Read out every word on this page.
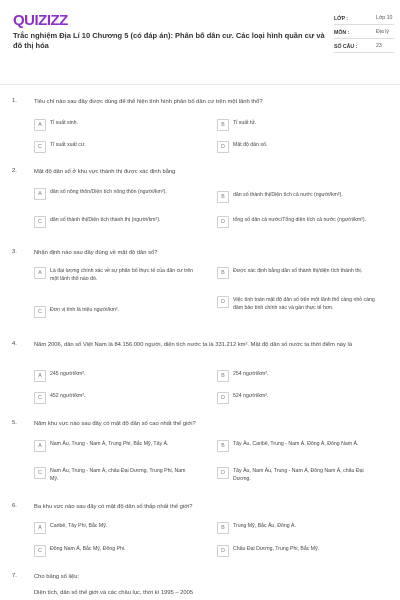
QUIZIZZ
Trắc nghiệm Địa Lí 10 Chương 5 (có đáp án): Phân bố dân cư. Các loại hình quần cư và đô thị hóa
LỚP :	Lớp 10
MÔN :	Địa lý
SỐ CÂU :	23
1.	Tiêu chí nào sau đây được dùng để thể hiện tình hình phân bố dân cư trên một lãnh thổ?
A	Tỉ suất sinh.	B	Tỉ suất tử.
C	Tỉ suất xuất cư.	D	Mật độ dân số.
2.	Mật độ dân số ở khu vực thành thị được xác định bằng
A	dân số nông thôn/Diện tích nông thôn (người/km²).
B	dân số thành thị/Diện tích cả nước (người/km²).
C	dân số thành thị/Diện tích thành thị (người/km²).	D	tổng số dân cả nước/Tổng diện tích cả nước (người/km²).
3.	Nhận định nào sau đây đúng về mật độ dân số?
A	Là đại lượng chính xác về sự phân bố thực tế của dân cư trên một lãnh thổ nào đó.
B	Được xác định bằng dân số thành thị/diện tích thành thị.
C	Đơn vị tính là triệu người/km².
D	Việc tính toán mật độ dân số trên một lãnh thổ càng nhỏ càng đảm bảo tính chính xác và gần thực tế hơn.
4.	Năm 2006, dân số Việt Nam là 84.156.000 người, diện tích nước ta là 331.212 km². Mật độ dân số nước ta thời điểm này là
A	245 người/km².	B	254 người/km².
C	452 người/km².	D	524 người/km².
5.	Năm khu vực nào sau đây có mật độ dân số cao nhất thế giới?
A	Nam Âu, Trung - Nam Á, Trung Phi, Bắc Mỹ, Tây Á.	B	Tây Âu, Caribê, Trung - Nam Á, Đông Á, Đông Nam Á.
C	Nam Âu, Trung - Nam Á, châu Đại Dương, Trung Phi, Nam Mỹ.
D	Tây Âu, Nam Âu, Trung - Nam Á, Đông Nam Á, châu Đại Dương.
6.	Ba khu vực nào sau đây có mật độ dân số thấp nhất thế giới?
A	Caribê, Tây Phi, Bắc Mỹ.	B	Trung Mỹ, Bắc Âu, Đông Á.
C	Đông Nam Á, Bắc Mỹ, Đông Phi.	D	Châu Đại Dương, Trung Phi, Bắc Mỹ.
7.	Cho bảng số liệu:
Diện tích, dân số thế giới và các châu lục, thời kì 1995 – 2005
